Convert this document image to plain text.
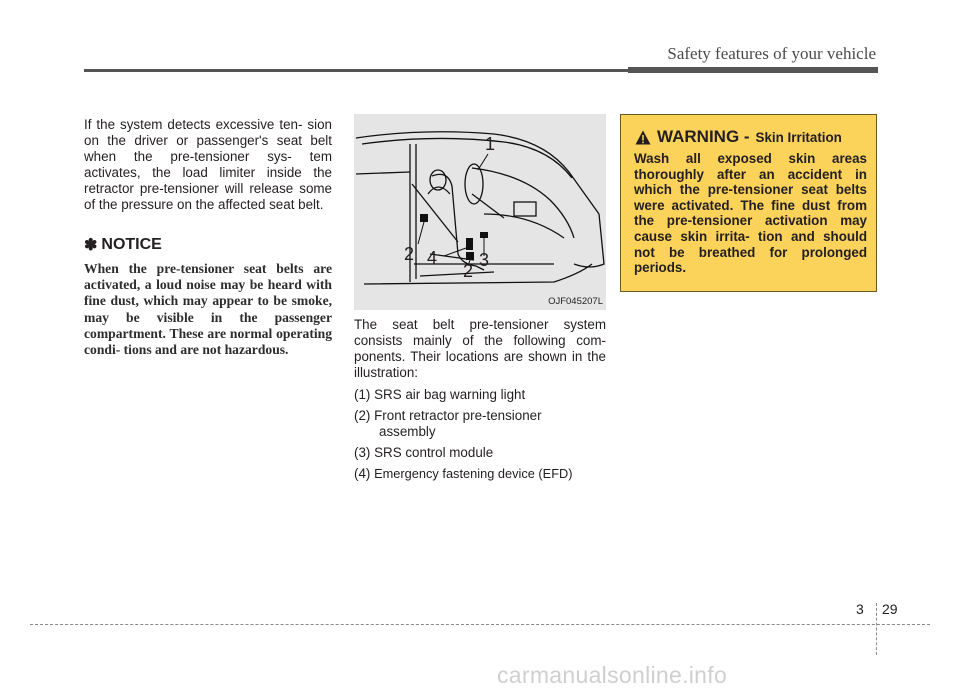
Safety features of your vehicle

If the system detects excessive ten- sion on the driver or passenger's seat belt when the pre-tensioner sys- tem activates, the load limiter inside the retractor pre-tensioner will release some of the pressure on the affected seat belt.

✽ NOTICE

When the pre-tensioner seat belts are activated, a loud noise may be heard with fine dust, which may appear to be smoke, may be visible in the passenger compartment. These are normal operating condi- tions and are not hazardous.

1
2 4
2
3
OJF045207L

The seat belt pre-tensioner system consists mainly of the following com- ponents. Their locations are shown in the illustration:

(1) SRS air bag warning light
(2) Front retractor pre-tensioner
assembly
(3) SRS control module
(4) Emergency fastening device (EFD)
WARNING - Skin Irritation

Wash all exposed skin areas thoroughly after an accident in which the pre-tensioner seat belts were activated. The fine dust from the pre-tensioner activation may cause skin irrita- tion and should not be breathed for prolonged periods.

3 29
carmanualsonline.info
